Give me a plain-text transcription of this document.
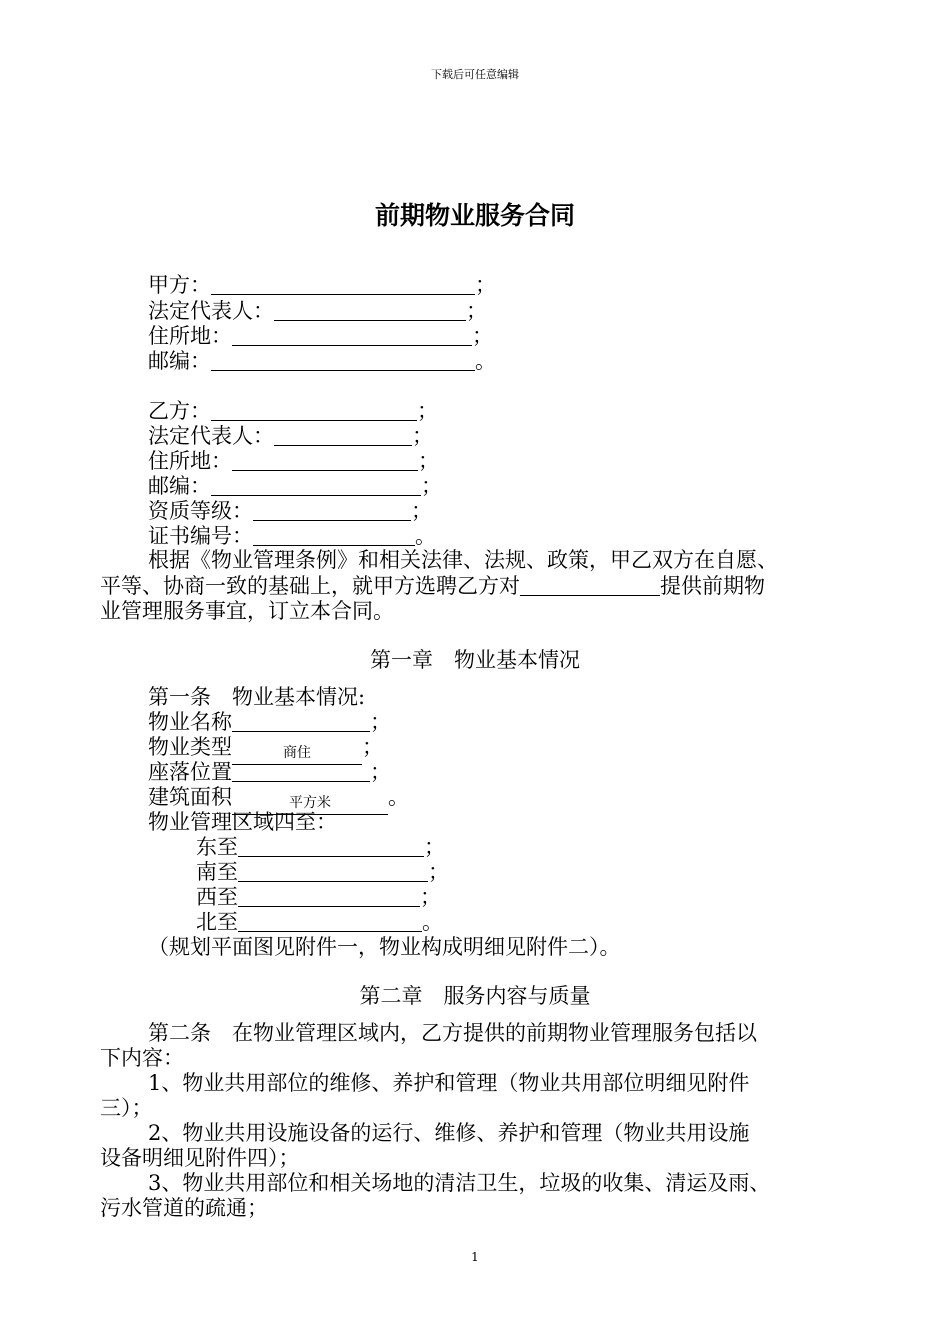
下载后可任意编辑
前期物业服务合同
甲方：	；
法定代表人：	；
住所地：	；
邮编：	。
乙方：	；
法定代表人：	；
住所地：	；
邮编：	；
资质等级：	；
证书编号：	。
根据《物业管理条例》和相关法律、法规、政策，甲乙双方在自愿、
平等、协商一致的基础上，就甲方选聘乙方对	提供前期物
业管理服务事宜，订立本合同。
第一章　物业基本情况
第一条　物业基本情况:
物业名称	；
物业类型	商住 ；
座落位置	；
建筑面积	平方米	。
物业管理区域四至：
东至	；
南至	；
西至	；
北至	。
（规划平面图见附件一，物业构成明细见附件二）。
第二章　服务内容与质量
第二条　在物业管理区域内，乙方提供的前期物业管理服务包括以
下内容：
1、物业共用部位的维修、养护和管理（物业共用部位明细见附件
三）；
2、物业共用设施设备的运行、维修、养护和管理（物业共用设施
设备明细见附件四）；
3、物业共用部位和相关场地的清洁卫生，垃圾的收集、清运及雨、
污水管道的疏通；
1
